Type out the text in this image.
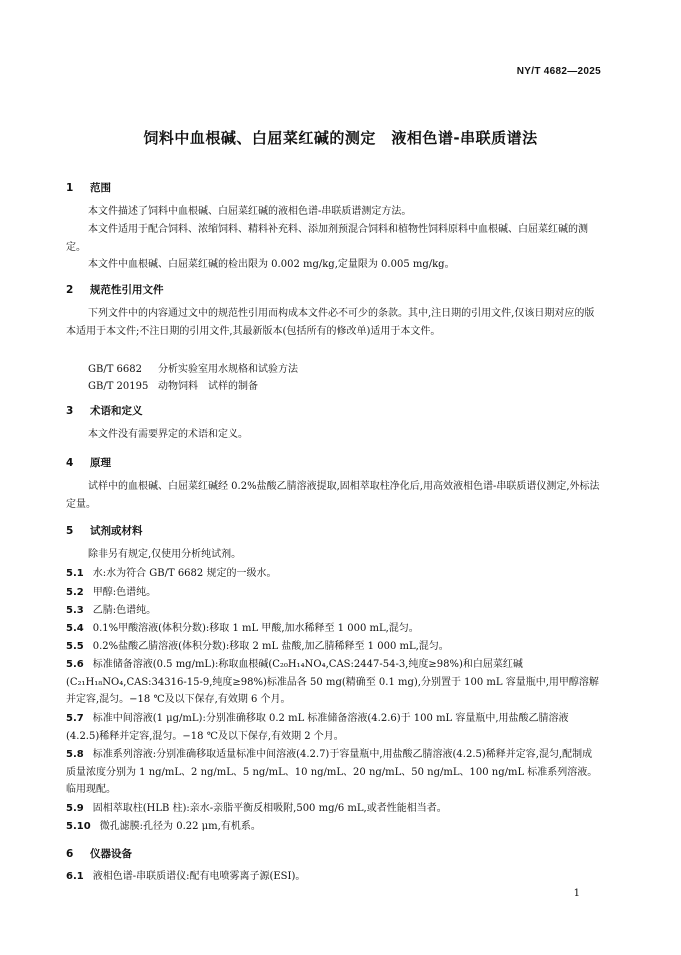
NY/T 4682—2025
饲料中血根碱、白屈菜红碱的测定　液相色谱-串联质谱法
1 范围
本文件描述了饲料中血根碱、白屈菜红碱的液相色谱-串联质谱测定方法。
本文件适用于配合饲料、浓缩饲料、精料补充料、添加剂预混合饲料和植物性饲料原料中血根碱、白屈菜红碱的测定。
本文件中血根碱、白屈菜红碱的检出限为 0.002 mg/kg,定量限为 0.005 mg/kg。
2 规范性引用文件
下列文件中的内容通过文中的规范性引用而构成本文件必不可少的条款。其中,注日期的引用文件,仅该日期对应的版本适用于本文件;不注日期的引用文件,其最新版本(包括所有的修改单)适用于本文件。
GB/T 6682 分析实验室用水规格和试验方法
GB/T 20195 动物饲料　试样的制备
3 术语和定义
本文件没有需要界定的术语和定义。
4 原理
试样中的血根碱、白屈菜红碱经 0.2%盐酸乙腈溶液提取,固相萃取柱净化后,用高效液相色谱-串联质谱仪测定,外标法定量。
5 试剂或材料
除非另有规定,仅使用分析纯试剂。
5.1 水:水为符合 GB/T 6682 规定的一级水。
5.2 甲醇:色谱纯。
5.3 乙腈:色谱纯。
5.4 0.1%甲酸溶液(体积分数):移取 1 mL 甲酸,加水稀释至 1 000 mL,混匀。
5.5 0.2%盐酸乙腈溶液(体积分数):移取 2 mL 盐酸,加乙腈稀释至 1 000 mL,混匀。
5.6 标准储备溶液(0.5 mg/mL):称取血根碱(C₂₀H₁₄NO₄,CAS:2447-54-3,纯度≥98%)和白屈菜红碱(C₂₁H₁₈NO₄,CAS:34316-15-9,纯度≥98%)标准品各 50 mg(精确至 0.1 mg),分别置于 100 mL 容量瓶中,用甲醇溶解并定容,混匀。−18 ℃及以下保存,有效期 6 个月。
5.7 标准中间溶液(1 μg/mL):分别准确移取 0.2 mL 标准储备溶液(4.2.6)于 100 mL 容量瓶中,用盐酸乙腈溶液(4.2.5)稀释并定容,混匀。−18 ℃及以下保存,有效期 2 个月。
5.8 标准系列溶液:分别准确移取适量标准中间溶液(4.2.7)于容量瓶中,用盐酸乙腈溶液(4.2.5)稀释并定容,混匀,配制成质量浓度分别为 1 ng/mL、2 ng/mL、5 ng/mL、10 ng/mL、20 ng/mL、50 ng/mL、100 ng/mL 标准系列溶液。临用现配。
5.9 固相萃取柱(HLB 柱):亲水-亲脂平衡反相吸附,500 mg/6 mL,或者性能相当者。
5.10 微孔滤膜:孔径为 0.22 μm,有机系。
6 仪器设备
6.1 液相色谱-串联质谱仪:配有电喷雾离子源(ESI)。
1
